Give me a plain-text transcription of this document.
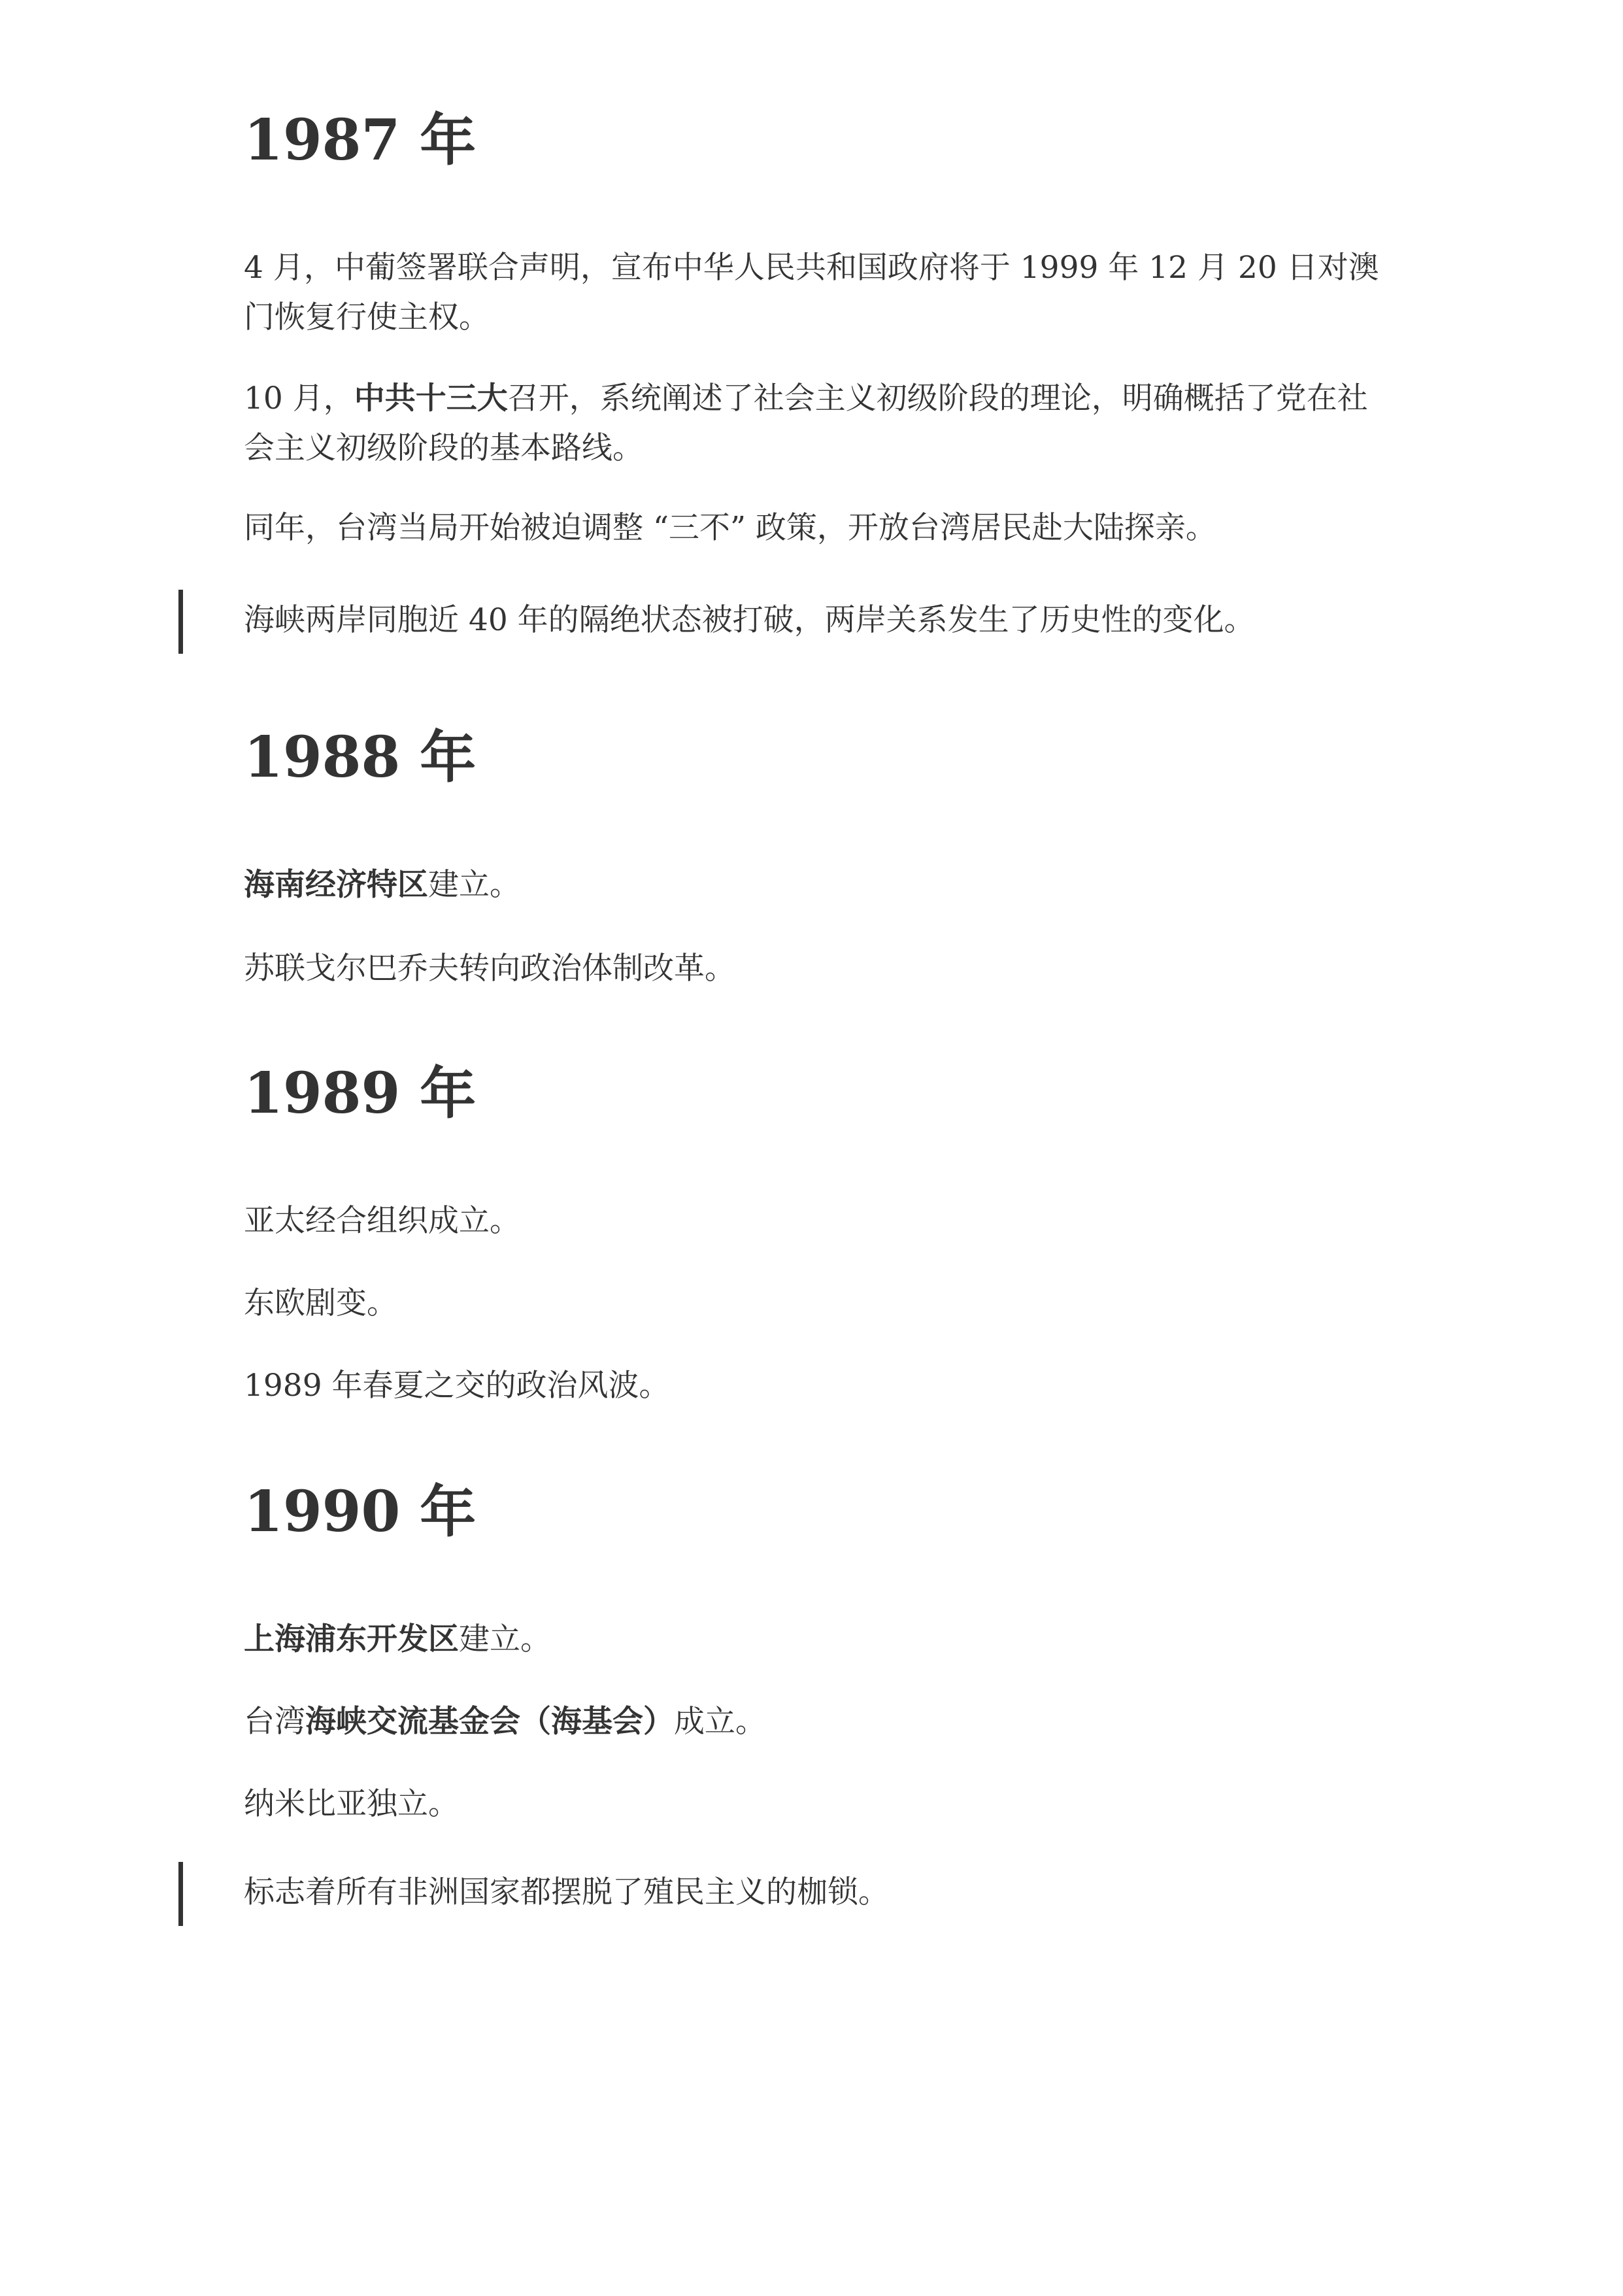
1987 年

4 月，中葡签署联合声明，宣布中华人民共和国政府将于 1999 年 12 月 20 日对澳门恢复行使主权。

10 月，中共十三大召开，系统阐述了社会主义初级阶段的理论，明确概括了党在社会主义初级阶段的基本路线。

同年，台湾当局开始被迫调整 “三不” 政策，开放台湾居民赴大陆探亲。

海峡两岸同胞近 40 年的隔绝状态被打破，两岸关系发生了历史性的变化。

1988 年

海南经济特区建立。

苏联戈尔巴乔夫转向政治体制改革。

1989 年

亚太经合组织成立。

东欧剧变。

1989 年春夏之交的政治风波。

1990 年

上海浦东开发区建立。

台湾海峡交流基金会（海基会）成立。

纳米比亚独立。

标志着所有非洲国家都摆脱了殖民主义的枷锁。
